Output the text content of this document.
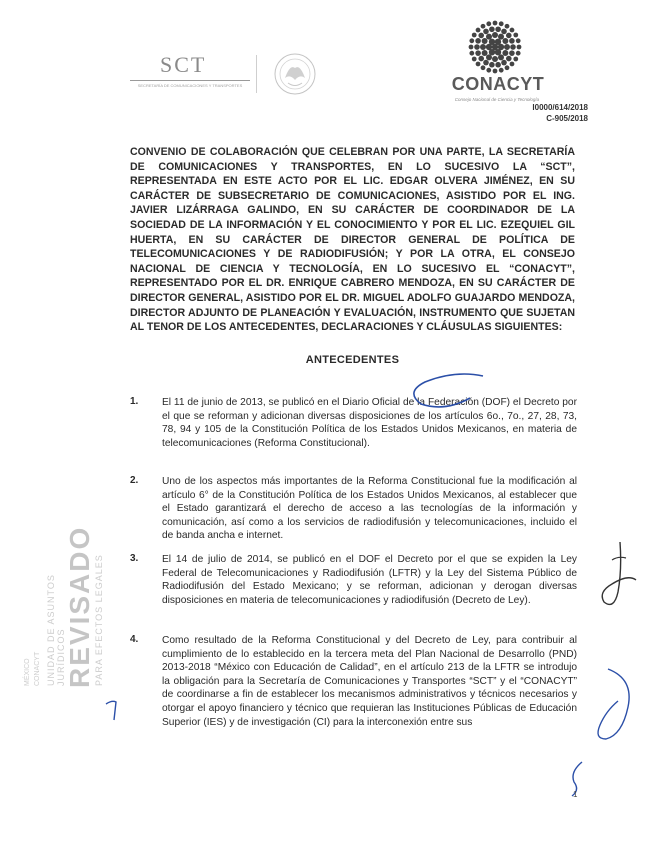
SCT
SECRETARÍA DE COMUNICACIONES Y TRANSPORTES	CONACYT
Consejo Nacional de Ciencia y Tecnología
I0000/614/2018
C-905/2018
CONVENIO DE COLABORACIÓN QUE CELEBRAN POR UNA PARTE, LA SECRETARÍA DE COMUNICACIONES Y TRANSPORTES, EN LO SUCESIVO LA “SCT”, REPRESENTADA EN ESTE ACTO POR EL LIC. EDGAR OLVERA JIMÉNEZ, EN SU CARÁCTER DE SUBSECRETARIO DE COMUNICACIONES, ASISTIDO POR EL ING. JAVIER LIZÁRRAGA GALINDO, EN SU CARÁCTER DE COORDINADOR DE LA SOCIEDAD DE LA INFORMACIÓN Y EL CONOCIMIENTO Y POR EL LIC. EZEQUIEL GIL HUERTA, EN SU CARÁCTER DE DIRECTOR GENERAL DE POLÍTICA DE TELECOMUNICACIONES Y DE RADIODIFUSIÓN; Y POR LA OTRA, EL CONSEJO NACIONAL DE CIENCIA Y TECNOLOGÍA, EN LO SUCESIVO EL “CONACYT”, REPRESENTADO POR EL DR. ENRIQUE CABRERO MENDOZA, EN SU CARÁCTER DE DIRECTOR GENERAL, ASISTIDO POR EL DR. MIGUEL ADOLFO GUAJARDO MENDOZA, DIRECTOR ADJUNTO DE PLANEACIÓN Y EVALUACIÓN, INSTRUMENTO QUE SUJETAN AL TENOR DE LOS ANTECEDENTES, DECLARACIONES Y CLÁUSULAS SIGUIENTES:
ANTECEDENTES
1. El 11 de junio de 2013, se publicó en el Diario Oficial de la Federación (DOF) el Decreto por el que se reforman y adicionan diversas disposiciones de los artículos 6o., 7o., 27, 28, 73, 78, 94 y 105 de la Constitución Política de los Estados Unidos Mexicanos, en materia de telecomunicaciones (Reforma Constitucional).
2. Uno de los aspectos más importantes de la Reforma Constitucional fue la modificación al artículo 6° de la Constitución Política de los Estados Unidos Mexicanos, al establecer que el Estado garantizará el derecho de acceso a las tecnologías de la información y comunicación, así como a los servicios de radiodifusión y telecomunicaciones, incluido el de banda ancha e internet.
3. El 14 de julio de 2014, se publicó en el DOF el Decreto por el que se expiden la Ley Federal de Telecomunicaciones y Radiodifusión (LFTR) y la Ley del Sistema Público de Radiodifusión del Estado Mexicano; y se reforman, adicionan y derogan diversas disposiciones en materia de telecomunicaciones y radiodifusión (Decreto de Ley).
4. Como resultado de la Reforma Constitucional y del Decreto de Ley, para contribuir al cumplimiento de lo establecido en la tercera meta del Plan Nacional de Desarrollo (PND) 2013-2018 “México con Educación de Calidad”, en el artículo 213 de la LFTR se introdujo la obligación para la Secretaría de Comunicaciones y Transportes “SCT” y el “CONACYT” de coordinarse a fin de establecer los mecanismos administrativos y técnicos necesarios y otorgar el apoyo financiero y técnico que requieran las Instituciones Públicas de Educación Superior (IES) y de investigación (CI) para la interconexión entre sus
MÉXICO CONACYT UNIDAD DE ASUNTOS JURÍDICOS
REVISADO PARA EFECTOS LEGALES
1
